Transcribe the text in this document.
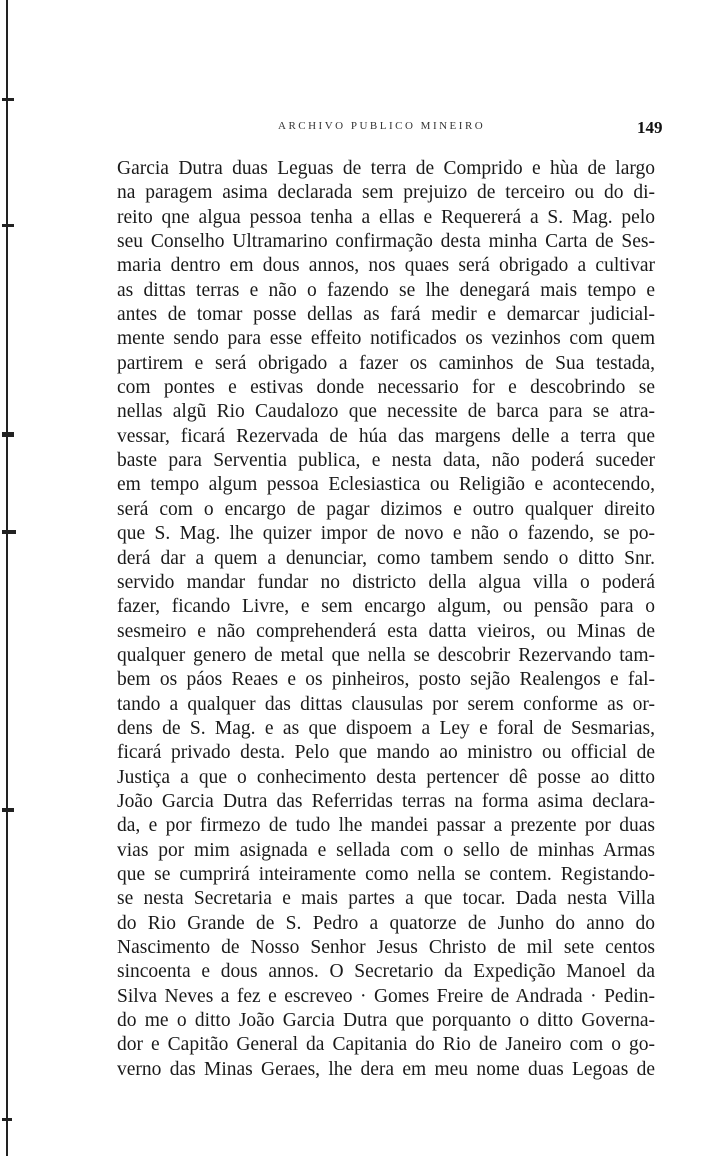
ARCHIVO PUBLICO MINEIRO	149
Garcia Dutra duas Leguas de terra de Comprido e hùa de largo
na paragem asima declarada sem prejuizo de terceiro ou do di-
reito qne algua pessoa tenha a ellas e Requererá a S. Mag. pelo
seu Conselho Ultramarino confirmação desta minha Carta de Ses-
maria dentro em dous annos, nos quaes será obrigado a cultivar
as dittas terras e não o fazendo se lhe denegará mais tempo e
antes de tomar posse dellas as fará medir e demarcar judicial-
mente sendo para esse effeito notificados os vezinhos com quem
partirem e será obrigado a fazer os caminhos de Sua testada,
com pontes e estivas donde necessario for e descobrindo se
nellas algũ Rio Caudalozo que necessite de barca para se atra-
vessar, ficará Rezervada de húa das margens delle a terra que
baste para Serventia publica, e nesta data, não poderá suceder
em tempo algum pessoa Eclesiastica ou Religião e acontecendo,
será com o encargo de pagar dizimos e outro qualquer direito
que S. Mag. lhe quizer impor de novo e não o fazendo, se po-
derá dar a quem a denunciar, como tambem sendo o ditto Snr.
servido mandar fundar no districto della algua villa o poderá
fazer, ficando Livre, e sem encargo algum, ou pensão para o
sesmeiro e não comprehenderá esta datta vieiros, ou Minas de
qualquer genero de metal que nella se descobrir Rezervando tam-
bem os páos Reaes e os pinheiros, posto sejão Realengos e fal-
tando a qualquer das dittas clausulas por serem conforme as or-
dens de S. Mag. e as que dispoem a Ley e foral de Sesmarias,
ficará privado desta. Pelo que mando ao ministro ou official de
Justiça a que o conhecimento desta pertencer dê posse ao ditto
João Garcia Dutra das Referridas terras na forma asima declara-
da, e por firmezo de tudo lhe mandei passar a prezente por duas
vias por mim asignada e sellada com o sello de minhas Armas
que se cumprirá inteiramente como nella se contem. Registando-
se nesta Secretaria e mais partes a que tocar. Dada nesta Villa
do Rio Grande de S. Pedro a quatorze de Junho do anno do
Nascimento de Nosso Senhor Jesus Christo de mil sete centos
sincoenta e dous annos. O Secretario da Expedição Manoel da
Silva Neves a fez e escreveo · Gomes Freire de Andrada · Pedin-
do me o ditto João Garcia Dutra que porquanto o ditto Governa-
dor e Capitão General da Capitania do Rio de Janeiro com o go-
verno das Minas Geraes, lhe dera em meu nome duas Legoas de
